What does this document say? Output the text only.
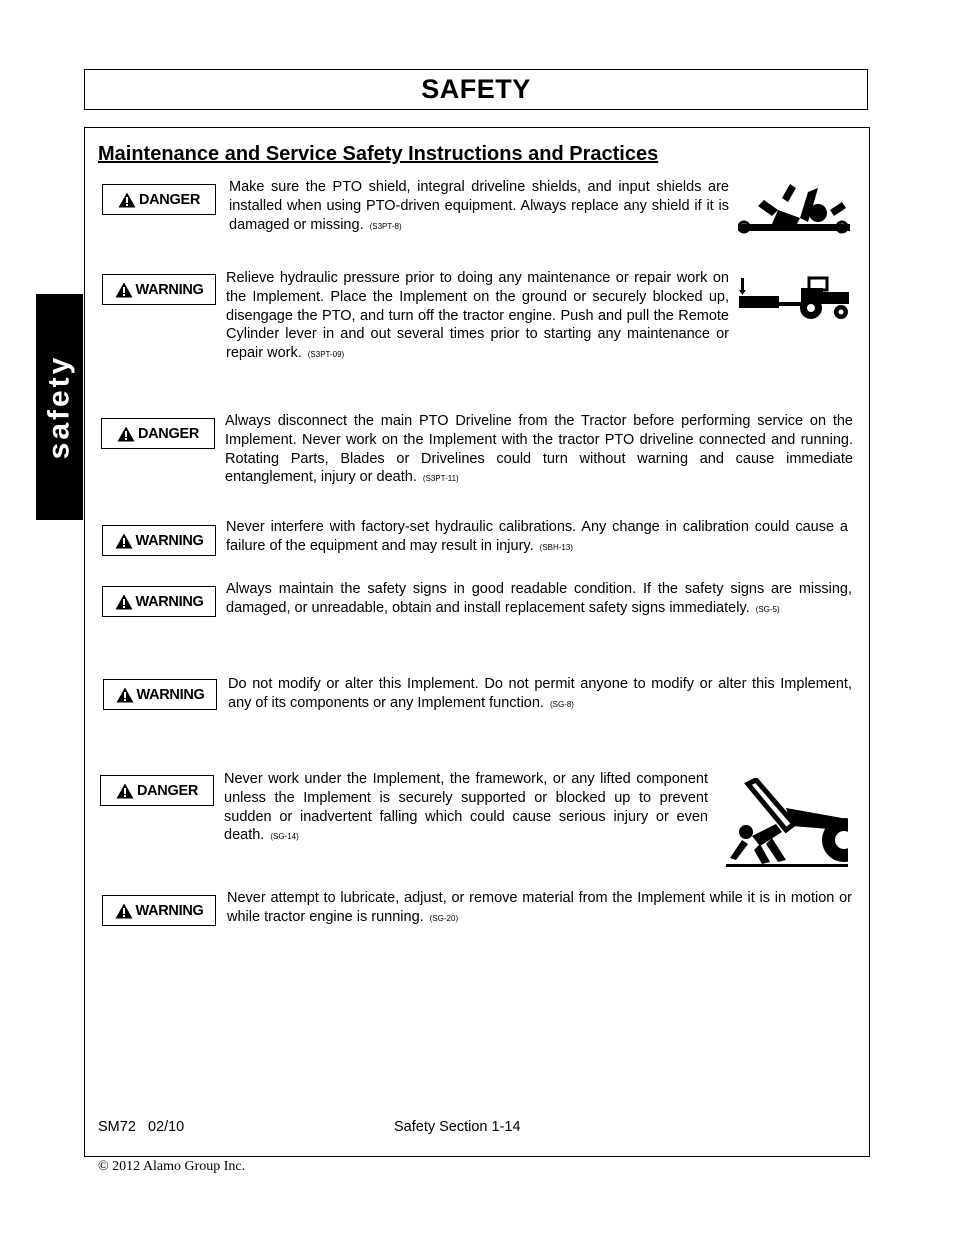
SAFETY
safety
Maintenance and Service Safety Instructions and Practices
DANGER

Make sure the PTO shield, integral driveline shields, and input shields are installed when using PTO-driven equipment. Always replace any shield if it is damaged or missing. (S3PT-8)

WARNING

Relieve hydraulic pressure prior to doing any maintenance or repair work on the Implement. Place the Implement on the ground or securely blocked up, disengage the PTO, and turn off the tractor engine. Push and pull the Remote Cylinder lever in and out several times prior to starting any maintenance or repair work. (S3PT-09)

DANGER

Always disconnect the main PTO Driveline from the Tractor before performing service on the Implement. Never work on the Implement with the tractor PTO driveline connected and running. Rotating Parts, Blades or Drivelines could turn without warning and cause immediate entanglement, injury or death. (S3PT-11)

WARNING

Never interfere with factory-set hydraulic calibrations. Any change in calibration could cause a failure of the equipment and may result in injury. (SBH-13)

WARNING

Always maintain the safety signs in good readable condition. If the safety signs are missing, damaged, or unreadable, obtain and install replacement safety signs immediately. (SG-5)

WARNING

Do not modify or alter this Implement. Do not permit anyone to modify or alter this Implement, any of its components or any Implement function. (SG-8)

DANGER

Never work under the Implement, the framework, or any lifted component unless the Implement is securely supported or blocked up to prevent sudden or inadvertent falling which could cause serious injury or even death. (SG-14)

WARNING

Never attempt to lubricate, adjust, or remove material from the Implement while it is in motion or while tractor engine is running. (SG-20)

SM72   02/10	Safety Section 1-14
© 2012 Alamo Group Inc.
